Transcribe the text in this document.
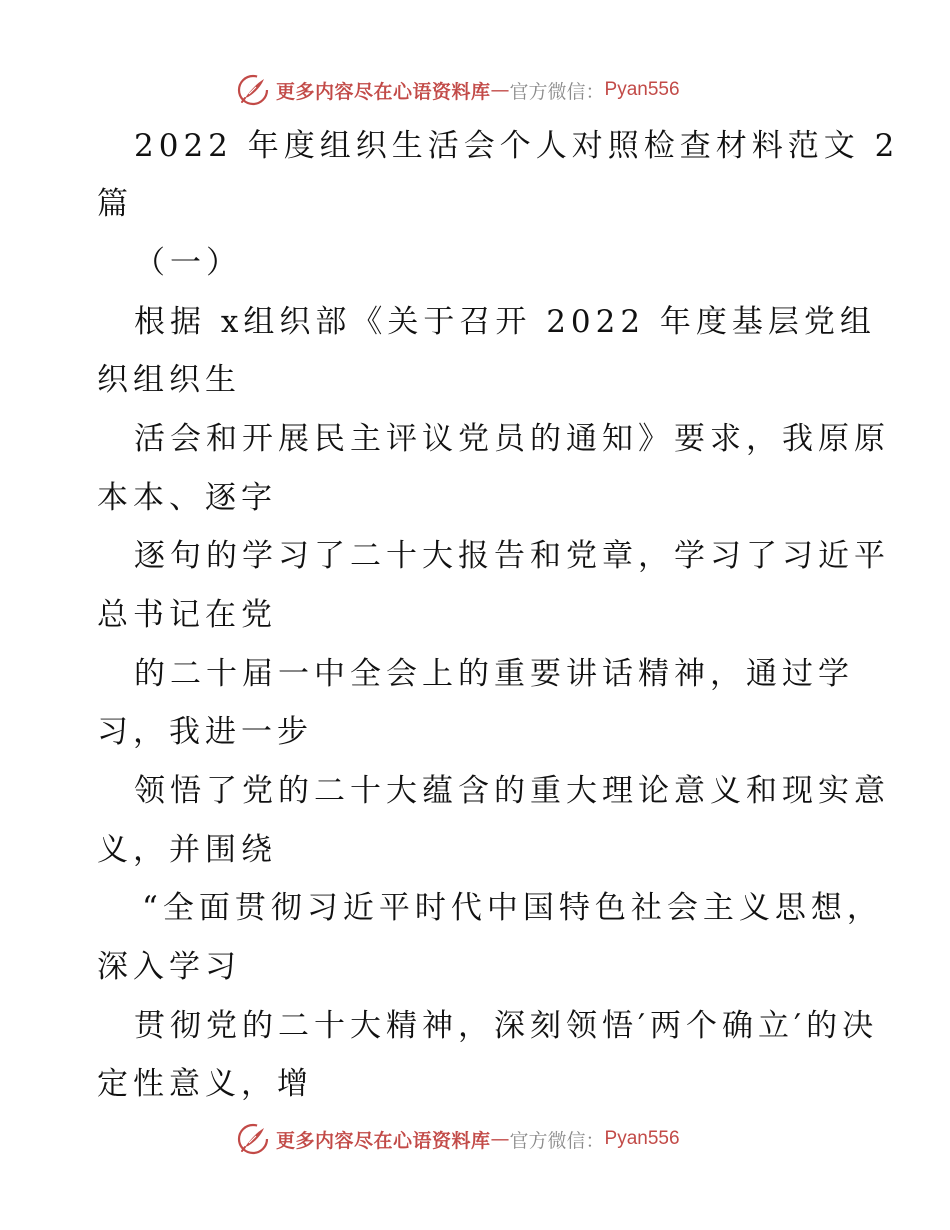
更多内容尽在心语资料库 — 官方微信： Pyan556
2022 年度组织生活会个人对照检查材料范文 2
篇
（一）
根据 x组织部《关于召开 2022 年度基层党组
织组织生
活会和开展民主评议党员的通知》要求，我原原
本本、逐字
逐句的学习了二十大报告和党章，学习了习近平
总书记在党
的二十届一中全会上的重要讲话精神，通过学
习，我进一步
领悟了党的二十大蕴含的重大理论意义和现实意
义，并围绕
“全面贯彻习近平时代中国特色社会主义思想，
深入学习
贯彻党的二十大精神，深刻领悟′两个确立′的决
定性意义，增
更多内容尽在心语资料库 — 官方微信： Pyan556
